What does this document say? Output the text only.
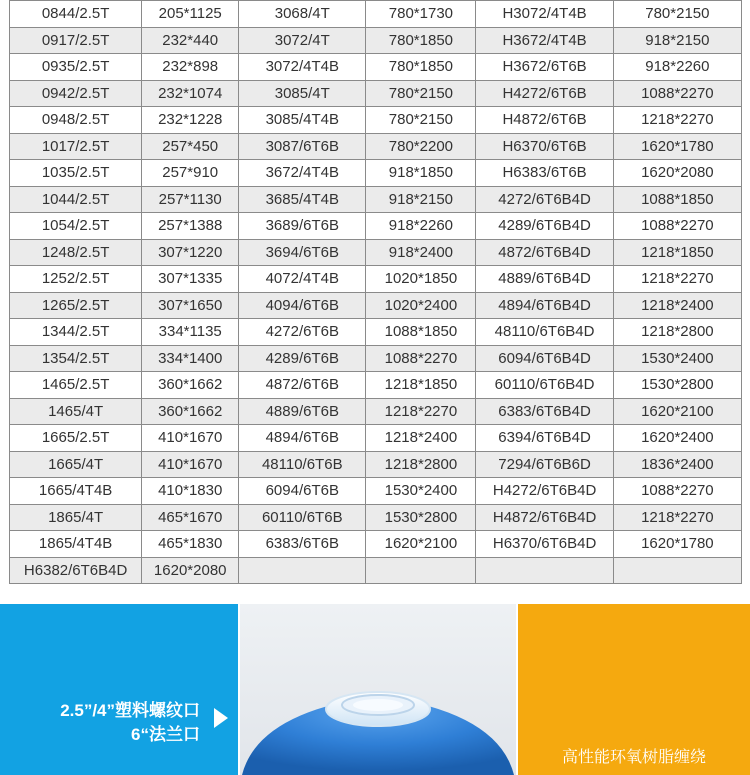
0844/2.5T	205*1125	3068/4T	780*1730	H3072/4T4B	780*2150
0917/2.5T	232*440	3072/4T	780*1850	H3672/4T4B	918*2150
0935/2.5T	232*898	3072/4T4B	780*1850	H3672/6T6B	918*2260
0942/2.5T	232*1074	3085/4T	780*2150	H4272/6T6B	1088*2270
0948/2.5T	232*1228	3085/4T4B	780*2150	H4872/6T6B	1218*2270
1017/2.5T	257*450	3087/6T6B	780*2200	H6370/6T6B	1620*1780
1035/2.5T	257*910	3672/4T4B	918*1850	H6383/6T6B	1620*2080
1044/2.5T	257*1130	3685/4T4B	918*2150	4272/6T6B4D	1088*1850
1054/2.5T	257*1388	3689/6T6B	918*2260	4289/6T6B4D	1088*2270
1248/2.5T	307*1220	3694/6T6B	918*2400	4872/6T6B4D	1218*1850
1252/2.5T	307*1335	4072/4T4B	1020*1850	4889/6T6B4D	1218*2270
1265/2.5T	307*1650	4094/6T6B	1020*2400	4894/6T6B4D	1218*2400
1344/2.5T	334*1135	4272/6T6B	1088*1850	48110/6T6B4D	1218*2800
1354/2.5T	334*1400	4289/6T6B	1088*2270	6094/6T6B4D	1530*2400
1465/2.5T	360*1662	4872/6T6B	1218*1850	60110/6T6B4D	1530*2800
1465/4T	360*1662	4889/6T6B	1218*2270	6383/6T6B4D	1620*2100
1665/2.5T	410*1670	4894/6T6B	1218*2400	6394/6T6B4D	1620*2400
1665/4T	410*1670	48110/6T6B	1218*2800	7294/6T6B6D	1836*2400
1665/4T4B	410*1830	6094/6T6B	1530*2400	H4272/6T6B4D	1088*2270
1865/4T	465*1670	60110/6T6B	1530*2800	H4872/6T6B4D	1218*2270
1865/4T4B	465*1830	6383/6T6B	1620*2100	H6370/6T6B4D	1620*1780
H6382/6T6B4D	1620*2080				
2.5”/4”塑料螺纹口
6“法兰口
高性能环氧树脂缠绕
